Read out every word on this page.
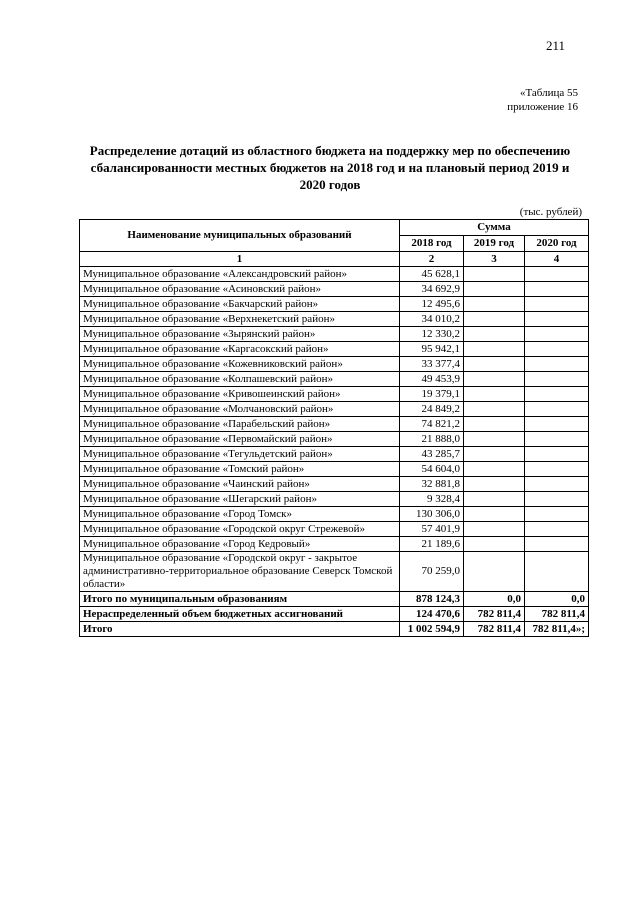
211
«Таблица 55
приложение 16
Распределение дотаций из областного бюджета на поддержку мер по обеспечению сбалансированности местных бюджетов на 2018 год и на плановый период 2019 и 2020 годов
(тыс. рублей)
Наименование муниципальных образований	Сумма		
	2018 год	2019 год	2020 год
1	2	3	4
Муниципальное образование «Александровский район»	45 628,1		
Муниципальное образование «Асиновский район»	34 692,9		
Муниципальное образование «Бакчарский район»	12 495,6		
Муниципальное образование «Верхнекетский район»	34 010,2		
Муниципальное образование «Зырянский район»	12 330,2		
Муниципальное образование «Каргасокский район»	95 942,1		
Муниципальное образование «Кожевниковский район»	33 377,4		
Муниципальное образование «Колпашевский район»	49 453,9		
Муниципальное образование «Кривошеинский район»	19 379,1		
Муниципальное образование «Молчановский район»	24 849,2		
Муниципальное образование «Парабельский район»	74 821,2		
Муниципальное образование «Первомайский район»	21 888,0		
Муниципальное образование «Тегульдетский район»	43 285,7		
Муниципальное образование «Томский район»	54 604,0		
Муниципальное образование «Чаинский район»	32 881,8		
Муниципальное образование «Шегарский район»	9 328,4		
Муниципальное образование «Город Томск»	130 306,0		
Муниципальное образование «Городской округ Стрежевой»	57 401,9		
Муниципальное образование «Город Кедровый»	21 189,6		
Муниципальное образование «Городской округ - закрытое административно-территориальное образование Северск Томской области»	70 259,0		
Итого по муниципальным образованиям	878 124,3	0,0	0,0
Нераспределенный объем бюджетных ассигнований	124 470,6	782 811,4	782 811,4
Итого	1 002 594,9	782 811,4	782 811,4»;
